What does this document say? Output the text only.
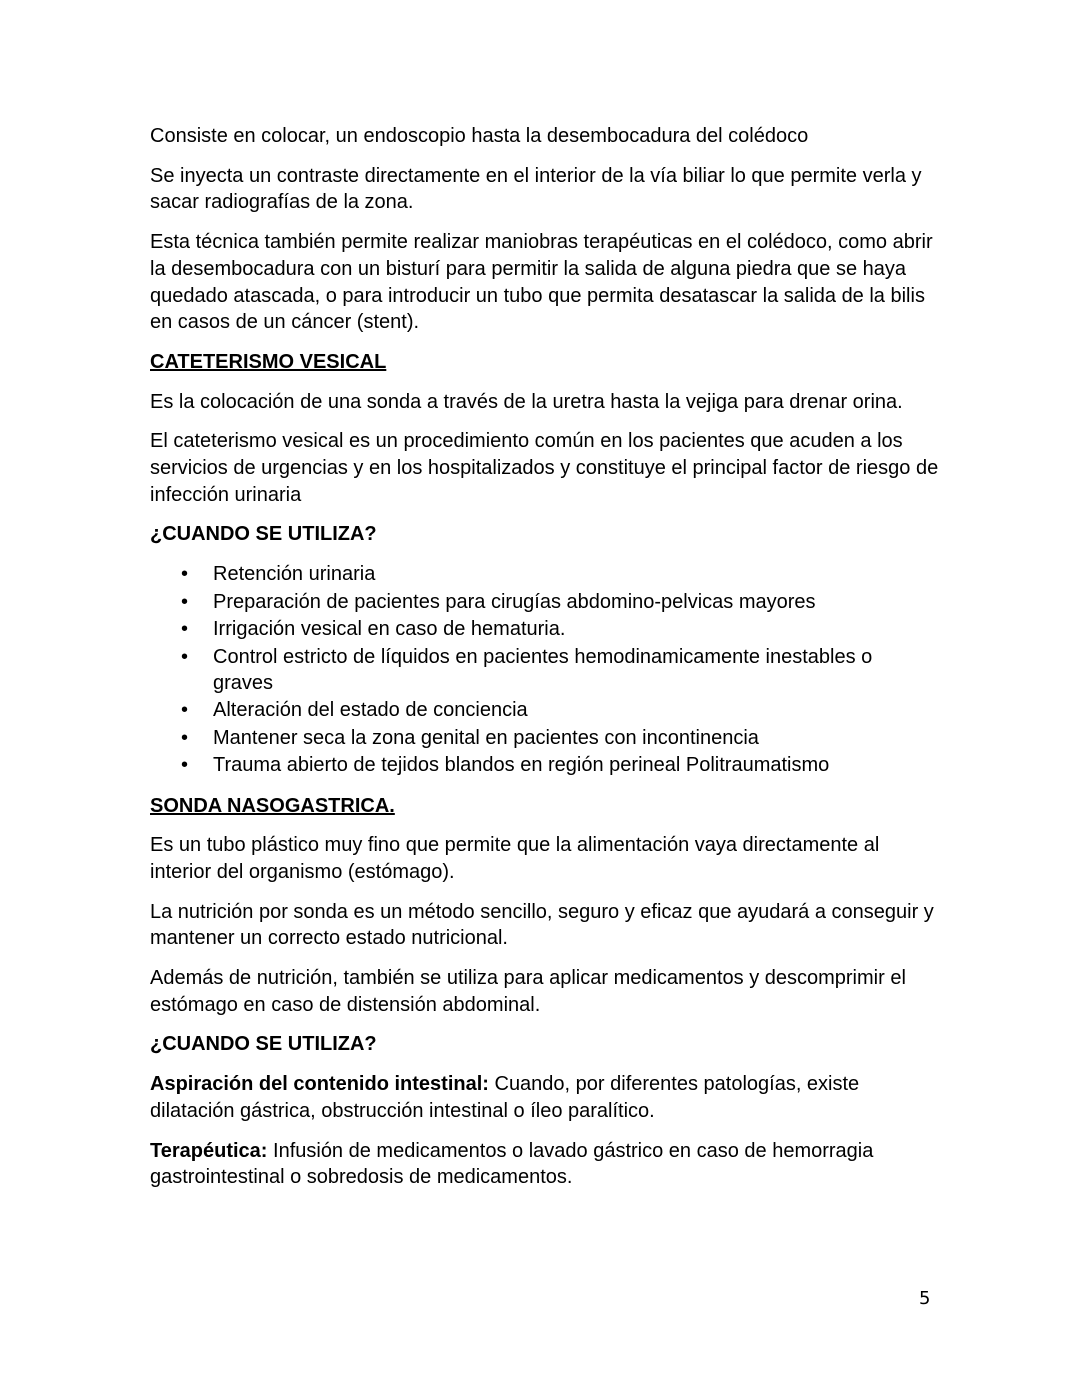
Consiste en colocar, un endoscopio hasta la desembocadura del colédoco

Se inyecta un contraste directamente en el interior de la vía biliar lo que permite verla y sacar radiografías de la zona.

Esta técnica también permite realizar maniobras terapéuticas en el colédoco, como abrir la desembocadura con un bisturí para permitir la salida de alguna piedra que se haya quedado atascada, o para introducir un tubo que permita desatascar la salida de la bilis en casos de un cáncer (stent).

CATETERISMO VESICAL

Es la colocación de una sonda a través de la uretra hasta la vejiga para drenar orina.

El cateterismo vesical es un procedimiento común en los pacientes que acuden a los servicios de urgencias y en los hospitalizados y constituye el principal factor de riesgo de infección urinaria

¿CUANDO SE UTILIZA?
• Retención urinaria
• Preparación de pacientes para cirugías abdomino-pelvicas mayores
• Irrigación vesical en caso de hematuria.
• Control estricto de líquidos en pacientes hemodinamicamente inestables o graves
• Alteración del estado de conciencia
• Mantener seca la zona genital en pacientes con incontinencia
• Trauma abierto de tejidos blandos en región perineal Politraumatismo
SONDA NASOGASTRICA.

Es un tubo plástico muy fino que permite que la alimentación vaya directamente al interior del organismo (estómago).

La nutrición por sonda es un método sencillo, seguro y eficaz que ayudará a conseguir y mantener un correcto estado nutricional.

Además de nutrición, también se utiliza para aplicar medicamentos y descomprimir el estómago en caso de distensión abdominal.

¿CUANDO SE UTILIZA?

Aspiración del contenido intestinal: Cuando, por diferentes patologías, existe dilatación gástrica, obstrucción intestinal o íleo paralítico.

Terapéutica: Infusión de medicamentos o lavado gástrico en caso de hemorragia gastrointestinal o sobredosis de medicamentos.

5
